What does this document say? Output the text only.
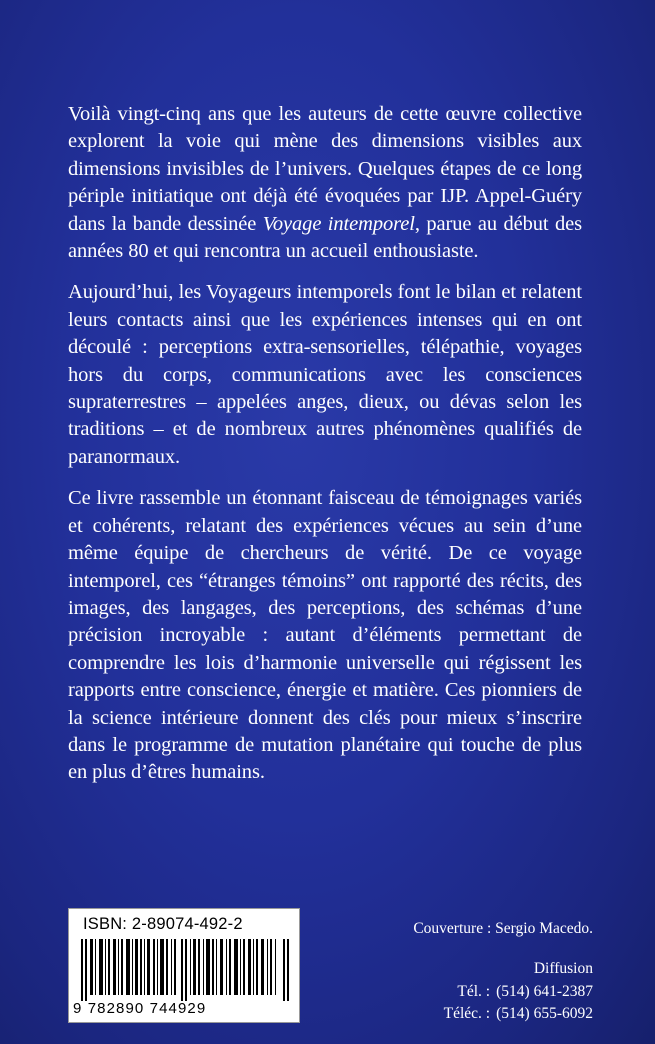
Voilà vingt-cinq ans que les auteurs de cette œuvre collective explorent la voie qui mène des dimensions visibles aux dimensions invisibles de l’univers. Quelques étapes de ce long périple initiatique ont déjà été évoquées par IJP. Appel-Guéry dans la bande dessinée Voyage intemporel, parue au début des années 80 et qui rencontra un accueil enthousiaste.

Aujourd’hui, les Voyageurs intemporels font le bilan et relatent leurs contacts ainsi que les expériences intenses qui en ont découlé : perceptions extra-sensorielles, télépathie, voyages hors du corps, communications avec les consciences supraterrestres – appelées anges, dieux, ou dévas selon les traditions – et de nombreux autres phénomènes qualifiés de paranormaux.

Ce livre rassemble un étonnant faisceau de témoignages variés et cohérents, relatant des expériences vécues au sein d’une même équipe de chercheurs de vérité. De ce voyage intemporel, ces “étranges témoins” ont rapporté des récits, des images, des langages, des perceptions, des schémas d’une précision incroyable : autant d’éléments permettant de comprendre les lois d’harmonie universelle qui régissent les rapports entre conscience, énergie et matière. Ces pionniers de la science intérieure donnent des clés pour mieux s’inscrire dans le programme de mutation planétaire qui touche de plus en plus d’êtres humains.

ISBN: 2-89074-492-2
9 782890 744929
Couverture : Sergio Macedo.
Diffusion
Tél. : (514) 641-2387
Téléc. : (514) 655-6092
